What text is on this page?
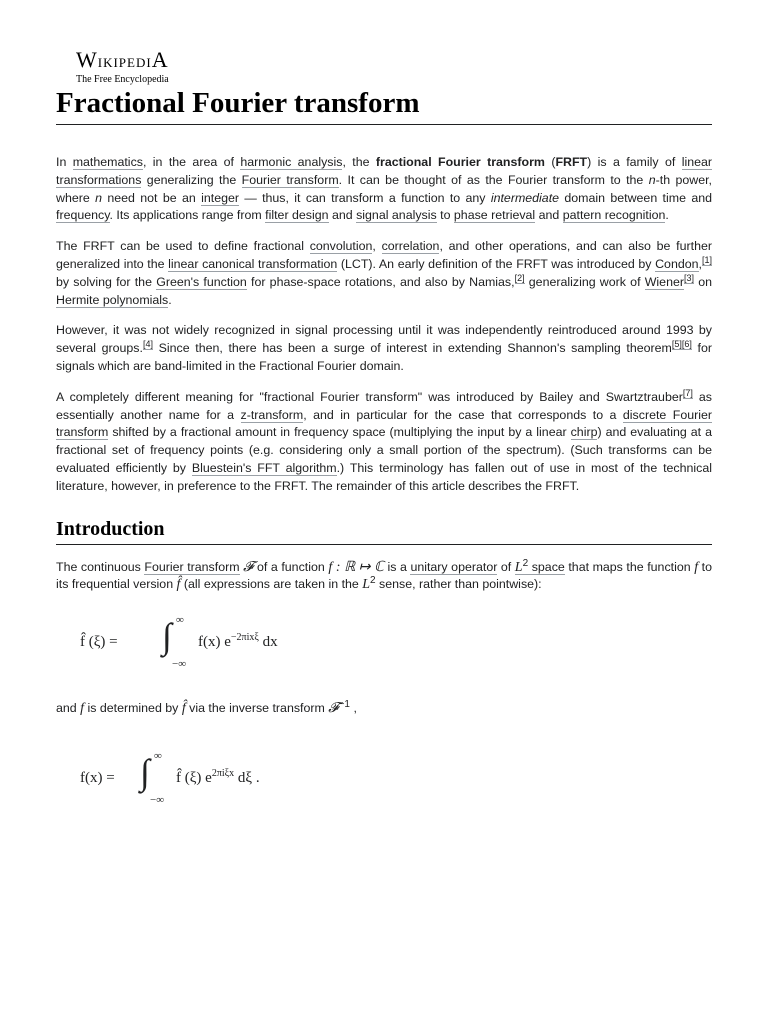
WikipediA
The Free Encyclopedia
Fractional Fourier transform

In mathematics, in the area of harmonic analysis, the fractional Fourier transform (FRFT) is a family of linear transformations generalizing the Fourier transform. It can be thought of as the Fourier transform to the n-th power, where n need not be an integer — thus, it can transform a function to any intermediate domain between time and frequency. Its applications range from filter design and signal analysis to phase retrieval and pattern recognition.

The FRFT can be used to define fractional convolution, correlation, and other operations, and can also be further generalized into the linear canonical transformation (LCT). An early definition of the FRFT was introduced by Condon,[1] by solving for the Green's function for phase-space rotations, and also by Namias,[2] generalizing work of Wiener[3] on Hermite polynomials.

However, it was not widely recognized in signal processing until it was independently reintroduced around 1993 by several groups.[4] Since then, there has been a surge of interest in extending Shannon's sampling theorem[5][6] for signals which are band-limited in the Fractional Fourier domain.

A completely different meaning for "fractional Fourier transform" was introduced by Bailey and Swartztrauber[7] as essentially another name for a z-transform, and in particular for the case that corresponds to a discrete Fourier transform shifted by a fractional amount in frequency space (multiplying the input by a linear chirp) and evaluating at a fractional set of frequency points (e.g. considering only a small portion of the spectrum). (Such transforms can be evaluated efficiently by Bluestein's FFT algorithm.) This terminology has fallen out of use in most of the technical literature, however, in preference to the FRFT. The remainder of this article describes the FRFT.

Introduction

The continuous Fourier transform 𝓕 of a function f : ℝ ↦ ℂ is a unitary operator of $L^2$ space that maps the function f to its frequential version f̂ (all expressions are taken in the $L^2$ sense, rather than pointwise):

f̂ (ξ) = ∫ ∞
−∞
f(x) $e^{-2\pi ix\xi}$ dx

and f is determined by f̂ via the inverse transform 𝓕$^{-1}$ ,

f(x) = ∫ ∞
−∞
f̂ (ξ) $e^{2\pi i\xi x}$ dξ .
